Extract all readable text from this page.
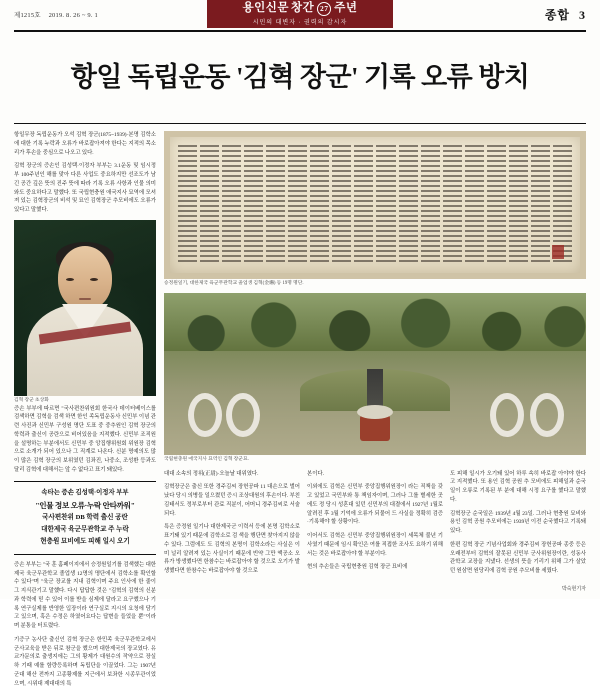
제1215호 2019. 8. 26 ~ 9. 1
용인신문 창간 27 주년
시민의 대변자 · 권력의 감시자
종합 3
항일 독립운동 '김혁 장군' 기록 오류 방치

항일무장 독립운동가 오석 김혁 장군(1875~1939)·본명 김학소에 대한 기록 누락과 오류가 바로잡아져야 한다는 지적의 목소리가 후손을 중심으로 나오고 있다.

김혁 장군의 증손인 김성택·이정자 부부는 3.1운동 및 임시정부 100주년인 해를 맞아 다른 사업도 중요하지만 선조도가 남긴 공간 깊은 뜻의 진주 뜻에 따라 기록 오류 사항과 인물 의미와도 중요하다고 말했다. 또 국립현충원 애국지사 묘역에 모셔져 있는 김혁장군의 비석 및 묘인 김혁장군 추모비에도 오류가 있다고 말했다.

김혁 장군 초상화

증손 부부에 따르면 "국사편찬위원회 한국사 데이터베이스를 검색하면 김혁을 검색 하면 한인 족독립운동사 신민부 이념 관련 사진과 신민부 구성원 명단 도표 중 중추원인 김혁 장군의 학력과 출신이 공란으로 비어있음을 지적했다. 신민부 조직원을 설명하는 부분에서도 신민부 중 앙집행위원회 위원장 김혁으로 소개가 되어 있으나 그 직계로 나온다. 신분 명예의도 많이 많은 김혁 장군의 보위였던 김좌진, 나중소, 조성환 등과도 달리 김혁에 대해서는 앞 수 없다고 표기 돼있다.

속타는 증손 김성택·이정자 부부
"인물 정보 오류·누락 안타까워"
국사편찬위 DB 학력 출신 공란
대한제국 육군무관학교 주 누락
현충원 묘비에도 피해 일시 오기

증손 부부는 "국 훈 홈페이지에서 승정원일기를 검색했는 대한제국 육군무관학교 졸업생 12명의 명단에서 김학소를 확인할 수 있다"며 "육군 장교를 지내 김혁이며 주요 인사에 한 줄이 그 지식관기고 말했다. 다시 답답한 것은 "김혁의 김혁의 신분과 학력에 믿 수 있어 이를 받을 심제에 달라고 요구했으나 기록 연구실제를 반영한 입장이라 연구실로 지시의 요청에 담기고 있으며, 혹은 수정은 하였어요다는 답변을 들었을 뿐"이라며 분통을 터트렸다.

기증구 농사단 출신인 김혁 장군은 한민족 육군무관학교에서 군사교육을 받은 뒤로 참군을 했으며 대한제국의 장교였다. 유교가문의로 출생지에는 그의 황제가 대원수의 작약으로 장실하 기때 예를 함량등록하며 독립단을 이끌었다. 그는 1907년 군대 해산 전까지 고종황제를 지근에서 보좌한 시종무관이었으며, 시위대 제대대의 특

승정원일기, 대한제국 육군무관학교 졸업생 김혁(金爀) 등 19명 명단.
국립현충원 애국지사 묘역인 김혁 장군묘.

대대 소속의 정위(正尉)·오늘날 대위였다.

김혁장군은 출신 또한 경주김씨 장헌공파 11 대손으로 벌어났다 당시 의병들 일으켰던 증시 조상대원의 후손이다. 부친 김태서도 정부로부터 관료 직분이, 어머니 경주김씨로 서술되다.

특은 증정원 일기나 대한제국군 이력서 등에 본명 김학소로 표기돼 있기 때문에 김학소로 검 색을 행단면 찾아지지 않을 수 있다. 그럼에도 도 김혁의 본명이 김학소라는 사실은 이미 널리 알려져 있는 사실이기 때문에 빈약 그만 액공소 오류가 방생했다면 한참수는 바로잡아야 할 것으로 오기가 발생했다면 한참수는 바로잡아야 할 것으로

본이다.

이외에도 김혁은 신민부 중앙집행위원장이 라는 직책을 갖고 있었고 국민부와 통 책임자이며, 그러나 그를 별세한 곳에도 정 당시 성혼대 있던 신민부의 대결에서 1927년 1월로 알려진 후 3월 기억에 오류가 되물어 드 사실을 정확히 검증·기록해야 할 상황이다.

이어서도 김혁은 신민부 중앙집행위원장이 세목체 불년 기사였기 때문에 임시 확인은 여를 직접한 조사도 요하기 위해서는 것은 바로잡아야 할 부분이다.

현의 추손들은 국립현충원 김혁 장군 묘비에

도 피해 일시가 오기돼 있어 하루 속히 바로잡 아야야 한다고 지적했다. 또 용인 김혁 공원 추 모비에도 피해일과 순국일이 오류로 기록된 부 분에 대해 시정 요구를 했다고 말했다.

김혁장군 순국일은 1939년 4월 23일. 그러나 현충원 묘비와 용인 김혁 공원 추모비에는 1939년 이전 순국했다고 기록돼 있다.

한편 김혁 장군 기념사업회와 경주김씨 장헌공파 종중 등은 오래전부터 김혁의 잘못된 신민부 군사위원장이란, 성동사관학교 교장을 지냈다. 선생의 뜻을 기리기 위해 그가 살았던 원삼면 원당리에 김혁 공원 추모비를 세웠다.

박숙현기자
